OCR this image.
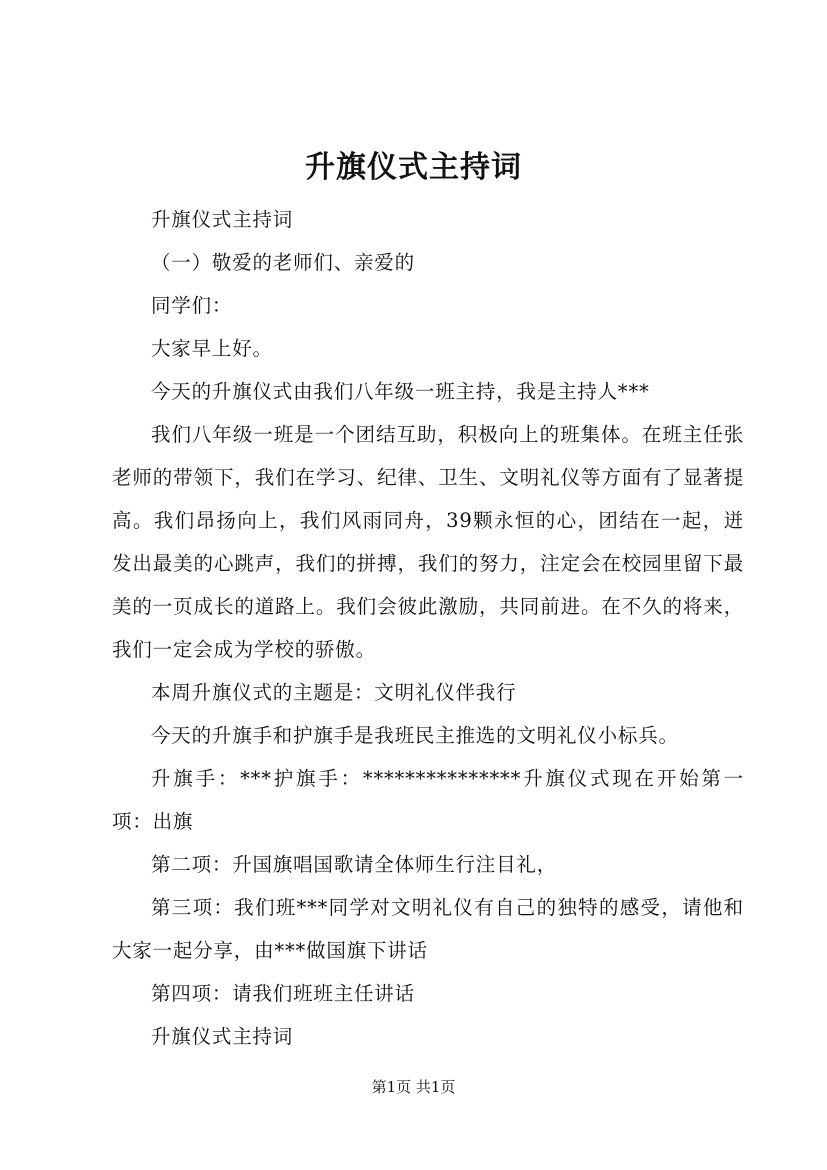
升旗仪式主持词

升旗仪式主持词

（一）敬爱的老师们、亲爱的

同学们：

大家早上好。

今天的升旗仪式由我们八年级一班主持，我是主持人***

我们八年级一班是一个团结互助，积极向上的班集体。在班主任张老师的带领下，我们在学习、纪律、卫生、文明礼仪等方面有了显著提高。我们昂扬向上，我们风雨同舟，39颗永恒的心，团结在一起，迸发出最美的心跳声，我们的拼搏，我们的努力，注定会在校园里留下最美的一页成长的道路上。我们会彼此激励，共同前进。在不久的将来，我们一定会成为学校的骄傲。

本周升旗仪式的主题是：文明礼仪伴我行

今天的升旗手和护旗手是我班民主推选的文明礼仪小标兵。

升旗手：***护旗手：***************升旗仪式现在开始第一项：出旗

第二项：升国旗唱国歌请全体师生行注目礼，

第三项：我们班***同学对文明礼仪有自己的独特的感受，请他和大家一起分享，由***做国旗下讲话

第四项：请我们班班主任讲话

升旗仪式主持词

第1页 共1页
